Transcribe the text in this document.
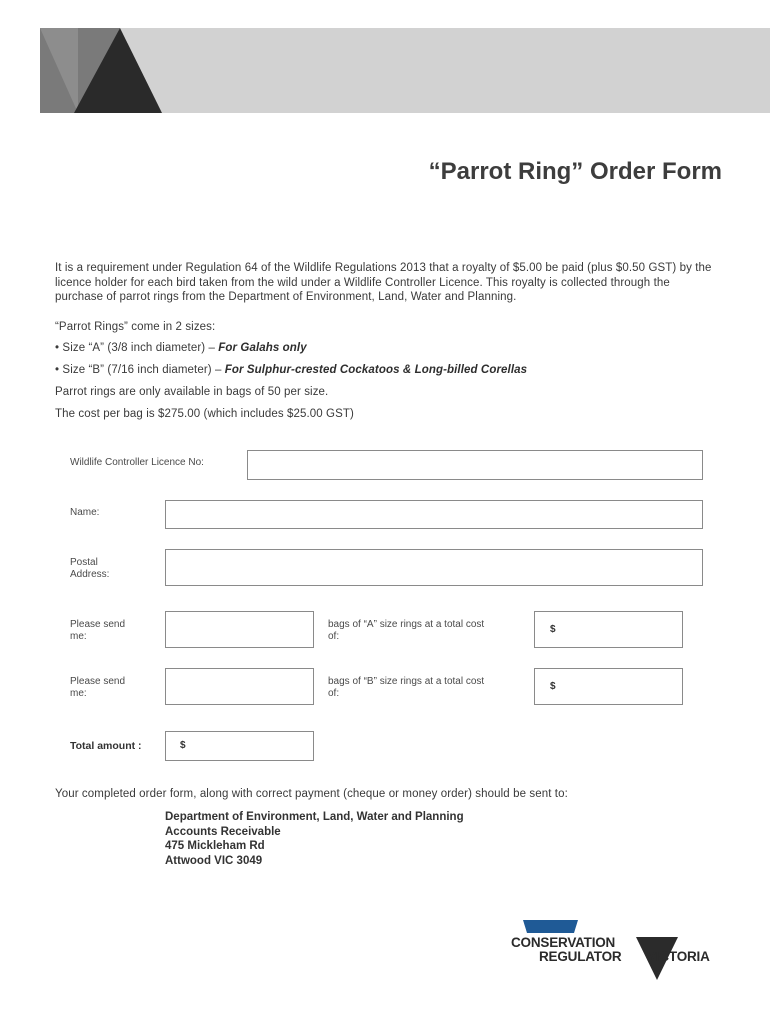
“Parrot Ring” Order Form
It is a requirement under Regulation 64 of the Wildlife Regulations 2013 that a royalty of $5.00 be paid (plus $0.50 GST) by the licence holder for each bird taken from the wild under a Wildlife Controller Licence. This royalty is collected through the purchase of parrot rings from the Department of Environment, Land, Water and Planning.
“Parrot Rings” come in 2 sizes:
• Size “A” (3/8 inch diameter) – For Galahs only
• Size “B” (7/16 inch diameter) – For Sulphur-crested Cockatoos & Long-billed Corellas
Parrot rings are only available in bags of 50 per size.
The cost per bag is $275.00 (which includes $25.00 GST)
Wildlife Controller Licence No:
Name:
Postal
Address:
Please send
me:
bags of “A” size rings at a total cost
of:
$
Please send
me:
bags of “B” size rings at a total cost
of:
$
Total amount :	$
Your completed order form, along with correct payment (cheque or money order) should be sent to:
Department of Environment, Land, Water and Planning
Accounts Receivable
475 Mickleham Rd
Attwood VIC 3049
CONSERVATION
REGULATOR VICTORIA
